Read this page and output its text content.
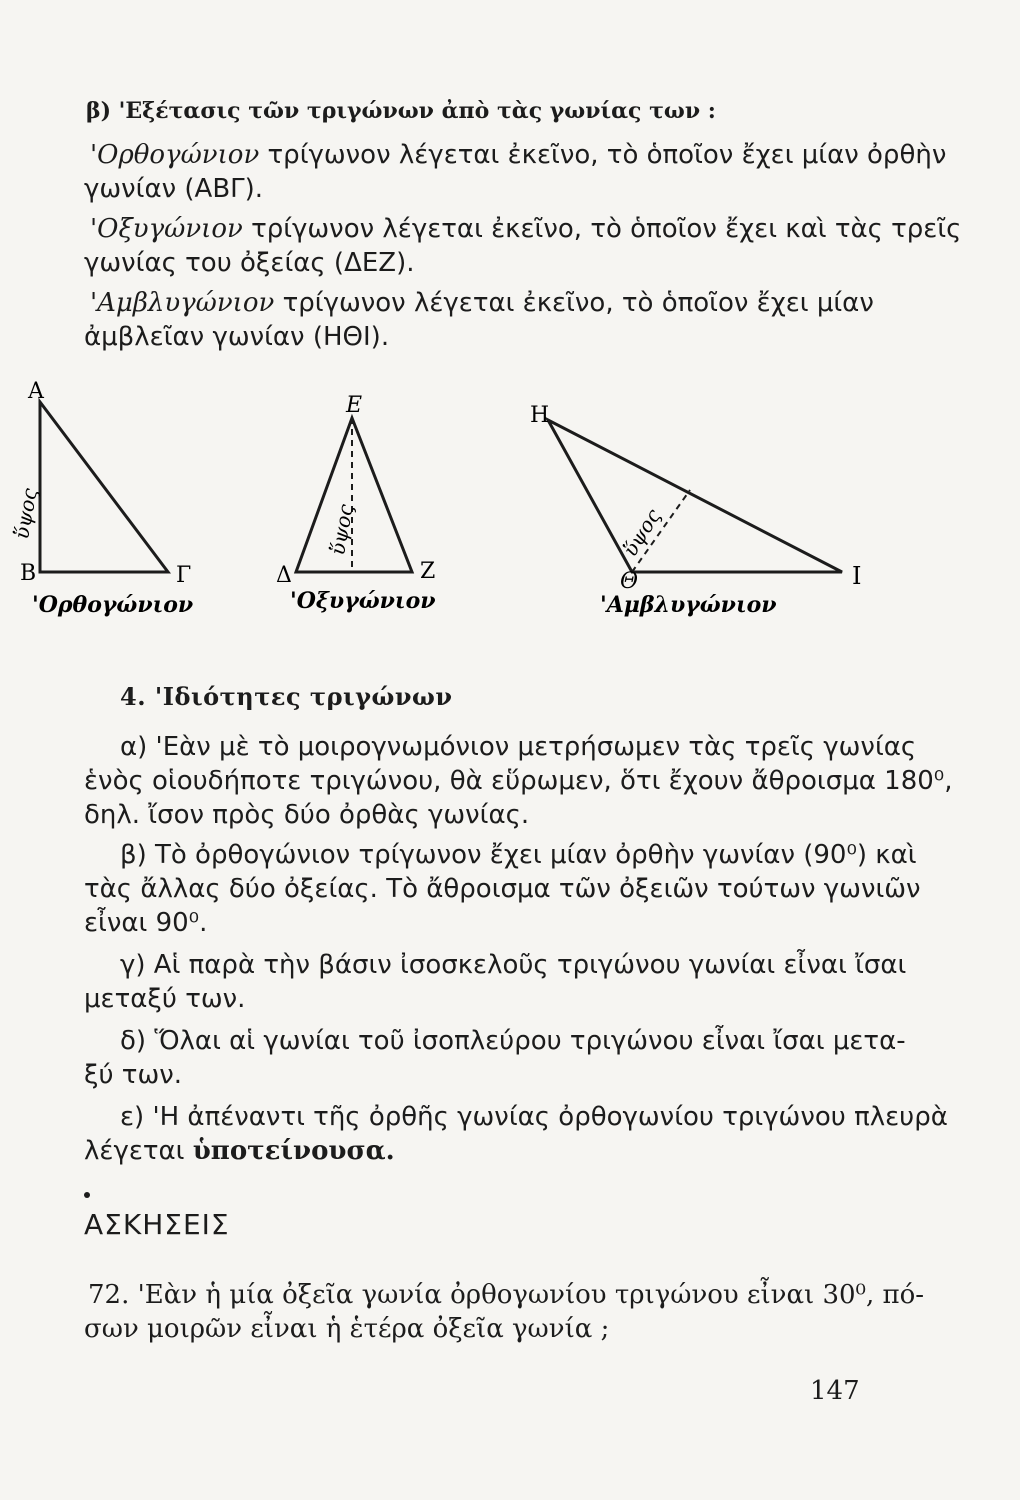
β) 'Εξέτασις τῶν τριγώνων ἀπὸ τὰς γωνίας των :
'Ορθογώνιον τρίγωνον λέγεται ἐκεῖνο, τὸ ὁποῖον ἔχει μίαν ὀρθὴν
γωνίαν (ΑΒΓ).
'Οξυγώνιον τρίγωνον λέγεται ἐκεῖνο, τὸ ὁποῖον ἔχει καὶ τὰς τρεῖς
γωνίας του ὀξείας (ΔΕΖ).
'Αμβλυγώνιον τρίγωνον λέγεται ἐκεῖνο, τὸ ὁποῖον ἔχει μίαν
ἀμβλεῖαν γωνίαν (ΗΘΙ).
A
B	Γ
E
Δ	Z
H
Θ	I
ὕψος	ὕψος	ὕψος
'Ορθογώνιον	'Οξυγώνιον	'Αμβλυγώνιον
4. 'Ιδιότητες τριγώνων
α) 'Εὰν μὲ τὸ μοιρογνωμόνιον μετρήσωμεν τὰς τρεῖς γωνίας
ἑνὸς οἱουδήποτε τριγώνου, θὰ εὕρωμεν, ὅτι ἔχουν ἄθροισμα 180⁰,
δηλ. ἴσον πρὸς δύο ὀρθὰς γωνίας.
β) Τὸ ὀρθογώνιον τρίγωνον ἔχει μίαν ὀρθὴν γωνίαν (90⁰) καὶ
τὰς ἄλλας δύο ὀξείας. Τὸ ἄθροισμα τῶν ὀξειῶν τούτων γωνιῶν
εἶναι 90⁰.
γ) Αἱ παρὰ τὴν βάσιν ἰσοσκελοῦς τριγώνου γωνίαι εἶναι ἴσαι
μεταξύ των.
δ) Ὅλαι αἱ γωνίαι τοῦ ἰσοπλεύρου τριγώνου εἶναι ἴσαι μετα-
ξύ των.
ε) 'Η ἀπέναντι τῆς ὀρθῆς γωνίας ὀρθογωνίου τριγώνου πλευρὰ
λέγεται ὑποτείνουσα.
ΑΣΚΗΣΕΙΣ
72. 'Εὰν ἡ μία ὀξεῖα γωνία ὀρθογωνίου τριγώνου εἶναι 30⁰, πό-
σων μοιρῶν εἶναι ἡ ἑτέρα ὀξεῖα γωνία ;
147
